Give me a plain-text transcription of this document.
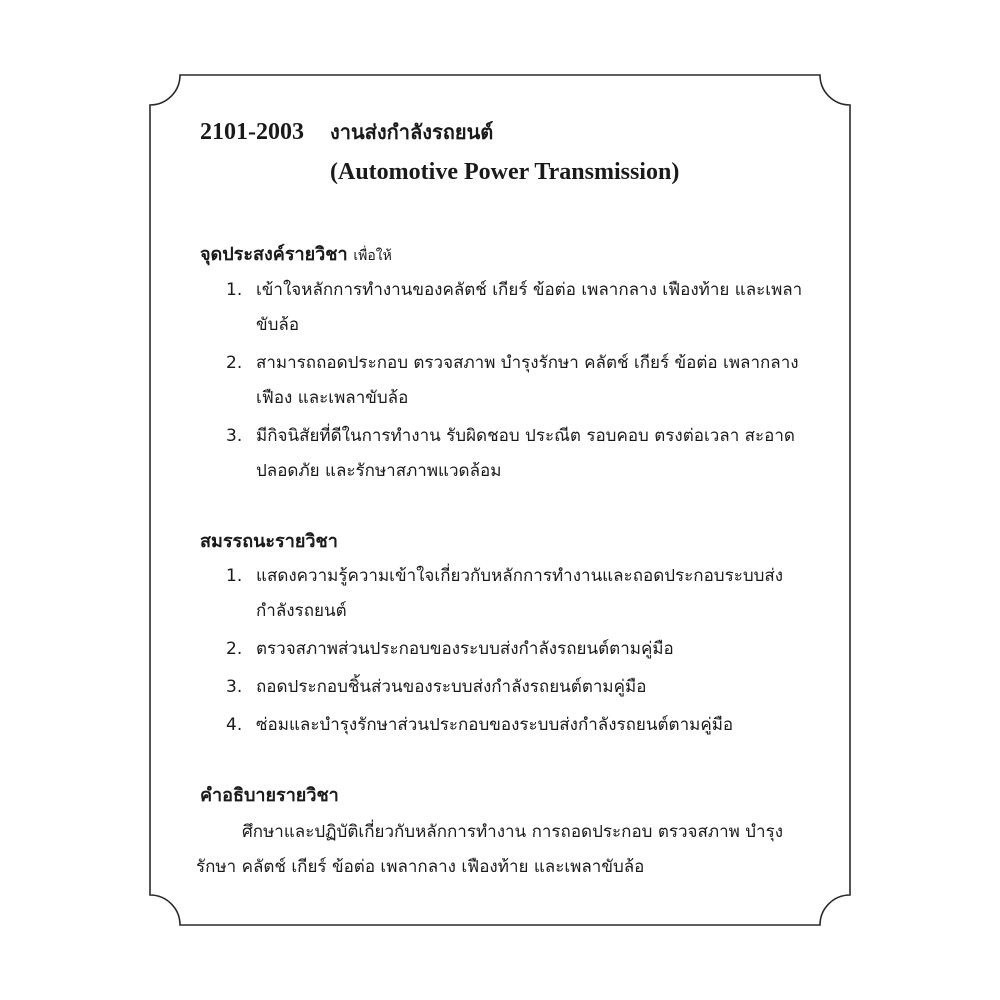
2101-2003 งานส่งกำลังรถยนต์
(Automotive Power Transmission)
จุดประสงค์รายวิชา เพื่อให้
1. เข้าใจหลักการทำงานของคลัตช์ เกียร์ ข้อต่อ เพลากลาง เฟืองท้าย และเพลาขับล้อ
2. สามารถถอดประกอบ ตรวจสภาพ บำรุงรักษา คลัตช์ เกียร์ ข้อต่อ เพลากลาง เฟือง และเพลาขับล้อ
3. มีกิจนิสัยที่ดีในการทำงาน รับผิดชอบ ประณีต รอบคอบ ตรงต่อเวลา สะอาด ปลอดภัย และรักษาสภาพแวดล้อม
สมรรถนะรายวิชา
1. แสดงความรู้ความเข้าใจเกี่ยวกับหลักการทำงานและถอดประกอบระบบส่งกำลังรถยนต์
2. ตรวจสภาพส่วนประกอบของระบบส่งกำลังรถยนต์ตามคู่มือ
3. ถอดประกอบชิ้นส่วนของระบบส่งกำลังรถยนต์ตามคู่มือ
4. ซ่อมและบำรุงรักษาส่วนประกอบของระบบส่งกำลังรถยนต์ตามคู่มือ
คำอธิบายรายวิชา

ศึกษาและปฏิบัติเกี่ยวกับหลักการทำงาน การถอดประกอบ ตรวจสภาพ บำรุงรักษา คลัตช์ เกียร์ ข้อต่อ เพลากลาง เฟืองท้าย และเพลาขับล้อ
